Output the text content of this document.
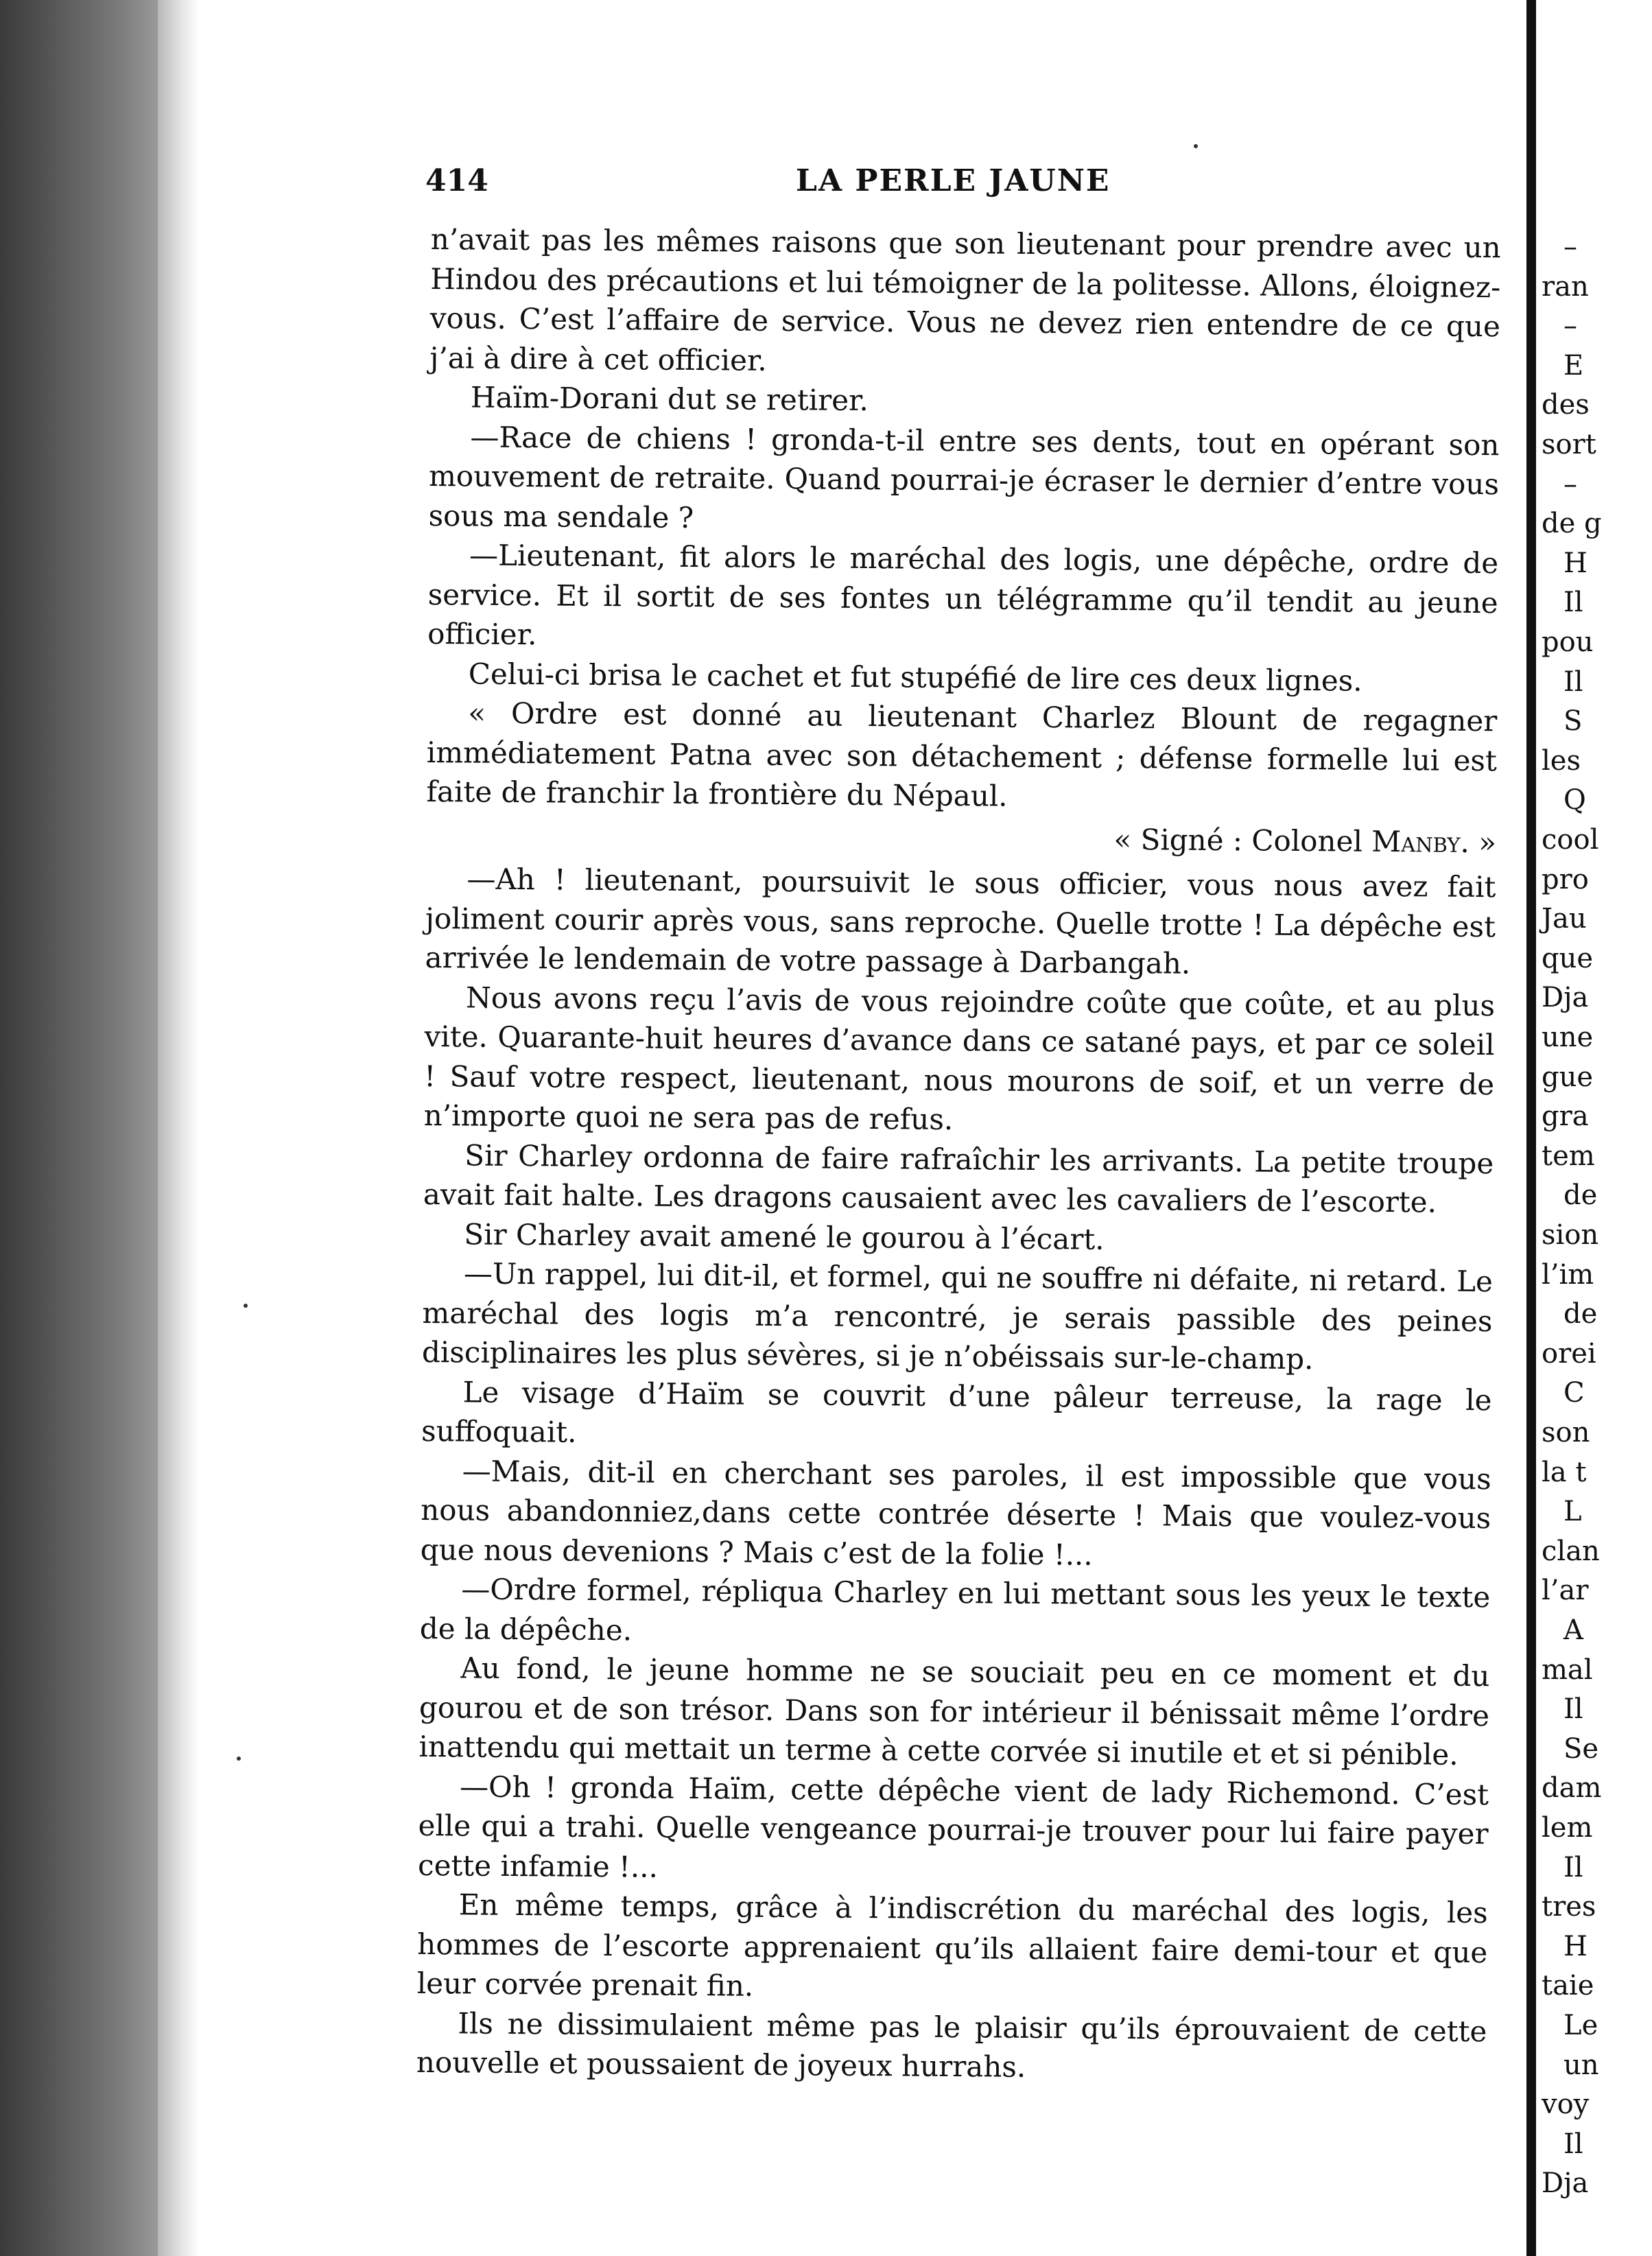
–
ran
–
E
des
sort
–
de g
H
Il
pou
Il
S
les
Q
cool
pro
Jau
que
Dja
une
gue
gra
tem
de
sion
l’im
de
orei
C
son
la t
L
clan
l’ar
A
mal
Il
Se
dam
lem
Il
tres
H
taie
Le
un
voy
Il
Dja
414	LA PERLE JAUNE

n’avait pas les mêmes raisons que son lieutenant pour prendre avec un Hindou des précautions et lui témoigner de la politesse. Allons, éloignez-vous. C’est l’affaire de service. Vous ne devez rien entendre de ce que j’ai à dire à cet officier.

Haïm-Dorani dut se retirer.

—Race de chiens ! gronda-t-il entre ses dents, tout en opérant son mouvement de retraite. Quand pourrai-je écraser le dernier d’entre vous sous ma sendale ?

—Lieutenant, fit alors le maréchal des logis, une dépêche, ordre de service. Et il sortit de ses fontes un télégramme qu’il tendit au jeune officier.

Celui-ci brisa le cachet et fut stupéfié de lire ces deux lignes.

« Ordre est donné au lieutenant Charlez Blount de regagner immédiatement Patna avec son détachement ; défense formelle lui est faite de franchir la frontière du Népaul.

« Signé : Colonel Manby. »

—Ah ! lieutenant, poursuivit le sous officier, vous nous avez fait joliment courir après vous, sans reproche. Quelle trotte ! La dépêche est arrivée le lendemain de votre passage à Darbangah.

Nous avons reçu l’avis de vous rejoindre coûte que coûte, et au plus vite. Quarante-huit heures d’avance dans ce satané pays, et par ce soleil ! Sauf votre respect, lieutenant, nous mourons de soif, et un verre de n’importe quoi ne sera pas de refus.

Sir Charley ordonna de faire rafraîchir les arrivants. La petite troupe avait fait halte. Les dragons causaient avec les cavaliers de l’escorte.

Sir Charley avait amené le gourou à l’écart.

—Un rappel, lui dit-il, et formel, qui ne souffre ni défaite, ni retard. Le maréchal des logis m’a rencontré, je serais passible des peines disciplinaires les plus sévères, si je n’obéissais sur-le-champ.

Le visage d’Haïm se couvrit d’une pâleur terreuse, la rage le suffoquait.

—Mais, dit-il en cherchant ses paroles, il est impossible que vous nous abandonniez,dans cette contrée déserte ! Mais que voulez-vous que nous devenions ? Mais c’est de la folie !...

—Ordre formel, répliqua Charley en lui mettant sous les yeux le texte de la dépêche.

Au fond, le jeune homme ne se souciait peu en ce moment et du gourou et de son trésor. Dans son for intérieur il bénissait même l’ordre inattendu qui mettait un terme à cette corvée si inutile et et si pénible.

—Oh ! gronda Haïm, cette dépêche vient de lady Richemond. C’est elle qui a trahi. Quelle vengeance pourrai-je trouver pour lui faire payer cette infamie !...

En même temps, grâce à l’indiscrétion du maréchal des logis, les hommes de l’escorte apprenaient qu’ils allaient faire demi-tour et que leur corvée prenait fin.

Ils ne dissimulaient même pas le plaisir qu’ils éprouvaient de cette nouvelle et poussaient de joyeux hurrahs.
